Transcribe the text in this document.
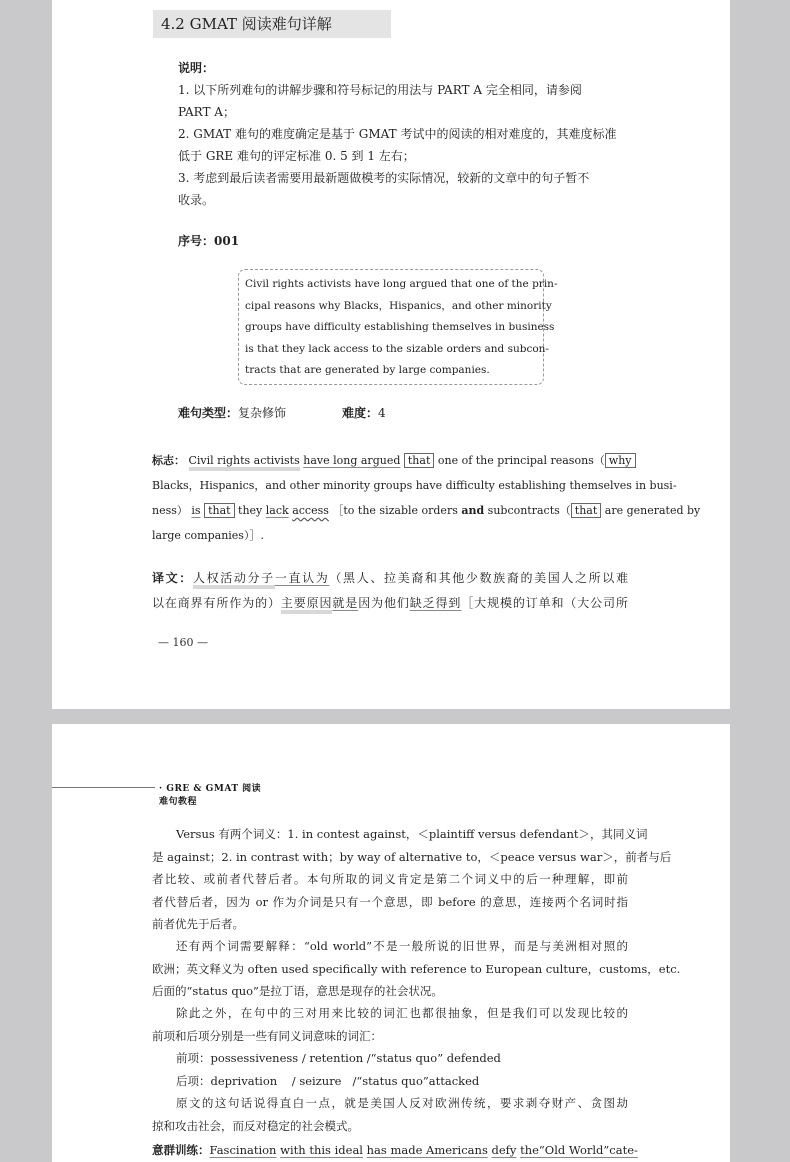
4.2 GMAT 阅读难句详解

说明：

1. 以下所列难句的讲解步骤和符号标记的用法与 PART A 完全相同，请参阅

PART A；

2. GMAT 难句的难度确定是基于 GMAT 考试中的阅读的相对难度的，其难度标准

低于 GRE 难句的评定标准 0. 5 到 1 左右；

3. 考虑到最后读者需要用最新题做模考的实际情况，较新的文章中的句子暂不

收录。

序号：001

Civil rights activists have long argued that one of the prin-
cipal reasons why Blacks，Hispanics，and other minority
groups have difficulty establishing themselves in business
is that they lack access to the sizable orders and subcon-
tracts that are generated by large companies.

难句类型：复杂修饰	难度：4

标志： Civil rights activists have long argued that one of the principal reasons（ why
Blacks，Hispanics，and other minority groups have difficulty establishing themselves in busi-
ness） is that they lack access ［to the sizable orders and subcontracts（ that are generated by
large companies）］.
译文：人权活动分子一直认为（黑人、拉美裔和其他少数族裔的美国人之所以难
以在商界有所作为的）主要原因就是因为他们缺乏得到［大规模的订单和（大公司所
— 160 —
· GRE & GMAT 阅读难句教程
Versus 有两个词义：1. in contest against，＜plaintiff versus defendant＞，其同义词
是 against；2. in contrast with；by way of alternative to，＜peace versus war＞，前者与后
者比较、或前者代替后者。本句所取的词义肯定是第二个词义中的后一种理解，即前
者代替后者，因为 or 作为介词是只有一个意思，即 before 的意思，连接两个名词时指
前者优先于后者。
还有两个词需要解释：“old world”不是一般所说的旧世界，而是与美洲相对照的
欧洲；英文释义为 often used specifically with reference to European culture，customs，etc.
后面的“status quo”是拉丁语，意思是现存的社会状况。
除此之外，在句中的三对用来比较的词汇也都很抽象，但是我们可以发现比较的
前项和后项分别是一些有同义词意味的词汇：
前项：possessiveness / retention /“status quo” defended
后项：deprivation    / seizure   /“status quo”attacked
原文的这句话说得直白一点，就是美国人反对欧洲传统，要求剥夺财产、贪图劫
掠和攻击社会，而反对稳定的社会模式。
意群训练：Fascination with this ideal has made Americans defy the“Old World”cate-
